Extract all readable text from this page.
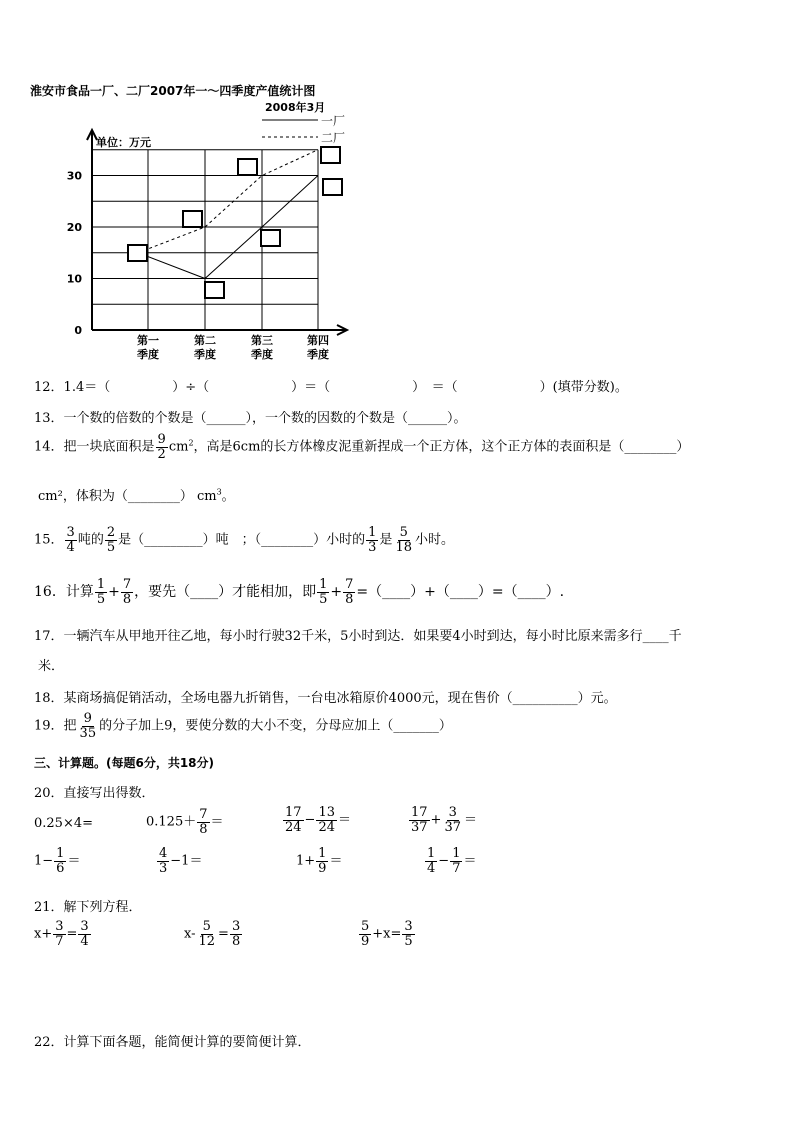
淮安市食品一厂、二厂2007年一～四季度产值统计图
2008年3月
单位：万元
0
10
20
30
第一
季度
第二
季度
第三
季度
第四
季度
一厂
二厂
12．1.4＝（	）÷（	）＝（	）　＝（	）(填带分数)。
13．一个数的倍数的个数是（______），一个数的因数的个数是（______）。
14．把一块底面积是 $\frac{9}{2} cm^2$，高是6cm的长方体橡皮泥重新捏成一个正方体，这个正方体的表面积是（________）
cm²，体积为（________） $cm^3$。
15． $\frac{3}{4}$ 吨的 $\frac{2}{5}$ 是（_________）吨　；（________）小时的 $\frac{1}{3}$ 是 $\frac{5}{18}$ 小时。
16．计算 $\frac{1}{5} + \frac{7}{8}$ ，要先（____）才能相加，即 $\frac{1}{5} + \frac{7}{8}$ =（____）+（____）=（____）.
17．一辆汽车从甲地开往乙地，每小时行驶32千米，5小时到达．如果要4小时到达，每小时比原来需多行____千
米．
18．某商场搞促销活动，全场电器九折销售，一台电冰箱原价4000元，现在售价（__________）元。
19．把 $\frac{9}{35}$ 的分子加上9，要使分数的大小不变，分母应加上（_______）
三、计算题。(每题6分，共18分)
20．直接写出得数．
0.25×4=	$0.125+ \frac{7}{8}$ ＝	$\frac{17}{24} - \frac{13}{24}$ ＝	$\frac{17}{37} + \frac{3}{37}$ ＝
$1- \frac{1}{6}$ ＝	$\frac{4}{3} -1=$	$1+ \frac{1}{9}$ ＝	$\frac{1}{4} - \frac{1}{7}$ ＝
21．解下列方程．
$x+ \frac{3}{7} = \frac{3}{4}$	$x- \frac{5}{12} = \frac{3}{8}$	$\frac{5}{9} +x= \frac{3}{5}$
22．计算下面各题，能简便计算的要简便计算．
